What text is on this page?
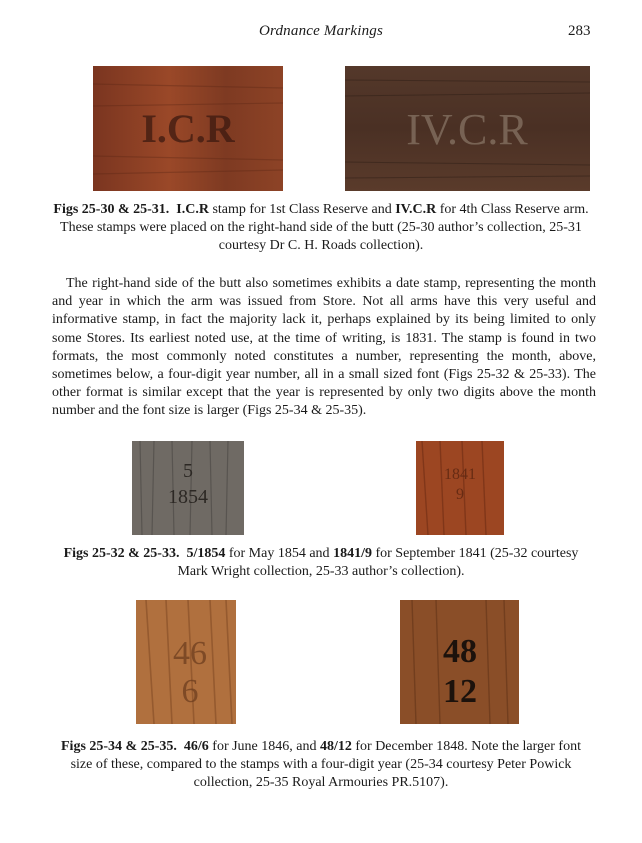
Ordnance Markings	283
I.C.R	IV.C.R
Figs 25-30 & 25-31. I.C.R stamp for 1st Class Reserve and IV.C.R for 4th Class Reserve arm. These stamps were placed on the right-hand side of the butt (25-30 author’s collection, 25-31 courtesy Dr C. H. Roads collection).
The right-hand side of the butt also sometimes exhibits a date stamp, representing the month and year in which the arm was issued from Store. Not all arms have this very useful and informative stamp, in fact the majority lack it, perhaps explained by its being limited to only some Stores. Its earliest noted use, at the time of writing, is 1831. The stamp is found in two formats, the most commonly noted constitutes a number, representing the month, above, sometimes below, a four-digit year number, all in a small sized font (Figs 25-32 & 25-33). The other format is similar except that the year is represented by only two digits above the month number and the font size is larger (Figs 25-34 & 25-35).
5
1854
1841
9
Figs 25-32 & 25-33. 5/1854 for May 1854 and 1841/9 for September 1841 (25-32 courtesy Mark Wright collection, 25-33 author’s collection).
46
6
48
12
Figs 25-34 & 25-35. 46/6 for June 1846, and 48/12 for December 1848. Note the larger font size of these, compared to the stamps with a four-digit year (25-34 courtesy Peter Powick collection, 25-35 Royal Armouries PR.5107).
